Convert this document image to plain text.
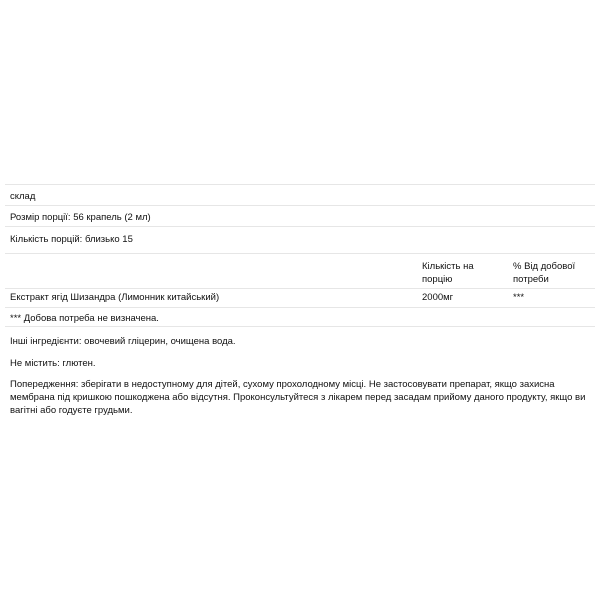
склад
Розмір порції: 56 крапель (2 мл)
Кількість порцій: близько 15
Кількість на порцію
% Від добової потреби
Екстракт ягід Шизандра (Лимонник китайський)	2000мг	***
*** Добова потреба не визначена.
Інші інгредієнти: овочевий гліцерин, очищена вода.
Не містить: глютен.
Попередження: зберігати в недоступному для дітей, сухому прохолодному місці. Не застосовувати препарат, якщо захисна мембрана під кришкою пошкоджена або відсутня. Проконсультуйтеся з лікарем перед засадам прийому даного продукту, якщо ви вагітні або годуєте грудьми.
